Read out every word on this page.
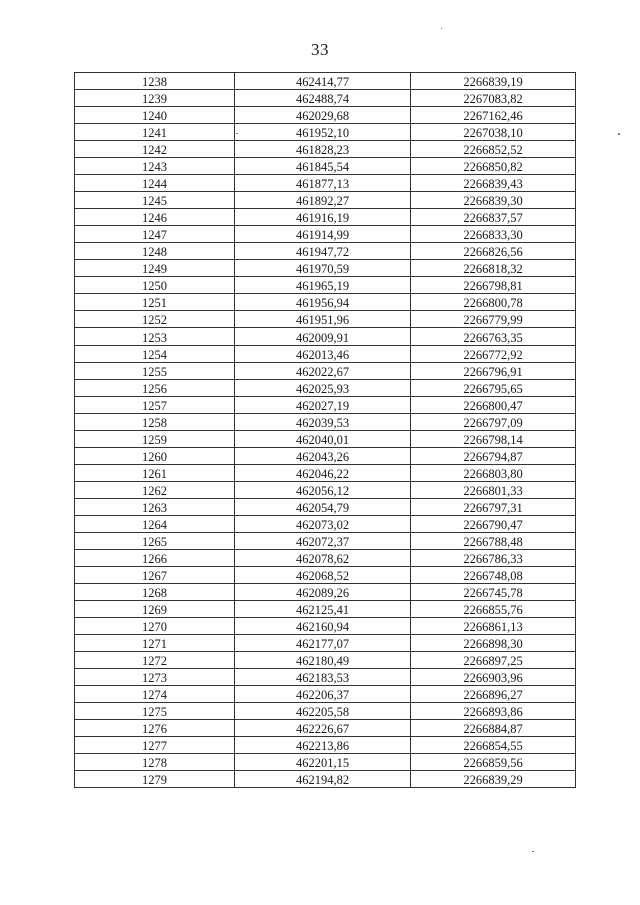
33
1238	462414,77	2266839,19
1239	462488,74	2267083,82
1240	462029,68	2267162,46
1241	461952,10	2267038,10
1242	461828,23	2266852,52
1243	461845,54	2266850,82
1244	461877,13	2266839,43
1245	461892,27	2266839,30
1246	461916,19	2266837,57
1247	461914,99	2266833,30
1248	461947,72	2266826,56
1249	461970,59	2266818,32
1250	461965,19	2266798,81
1251	461956,94	2266800,78
1252	461951,96	2266779,99
1253	462009,91	2266763,35
1254	462013,46	2266772,92
1255	462022,67	2266796,91
1256	462025,93	2266795,65
1257	462027,19	2266800,47
1258	462039,53	2266797,09
1259	462040,01	2266798,14
1260	462043,26	2266794,87
1261	462046,22	2266803,80
1262	462056,12	2266801,33
1263	462054,79	2266797,31
1264	462073,02	2266790,47
1265	462072,37	2266788,48
1266	462078,62	2266786,33
1267	462068,52	2266748,08
1268	462089,26	2266745,78
1269	462125,41	2266855,76
1270	462160,94	2266861,13
1271	462177,07	2266898,30
1272	462180,49	2266897,25
1273	462183,53	2266903,96
1274	462206,37	2266896,27
1275	462205,58	2266893,86
1276	462226,67	2266884,87
1277	462213,86	2266854,55
1278	462201,15	2266859,56
1279	462194,82	2266839,29
